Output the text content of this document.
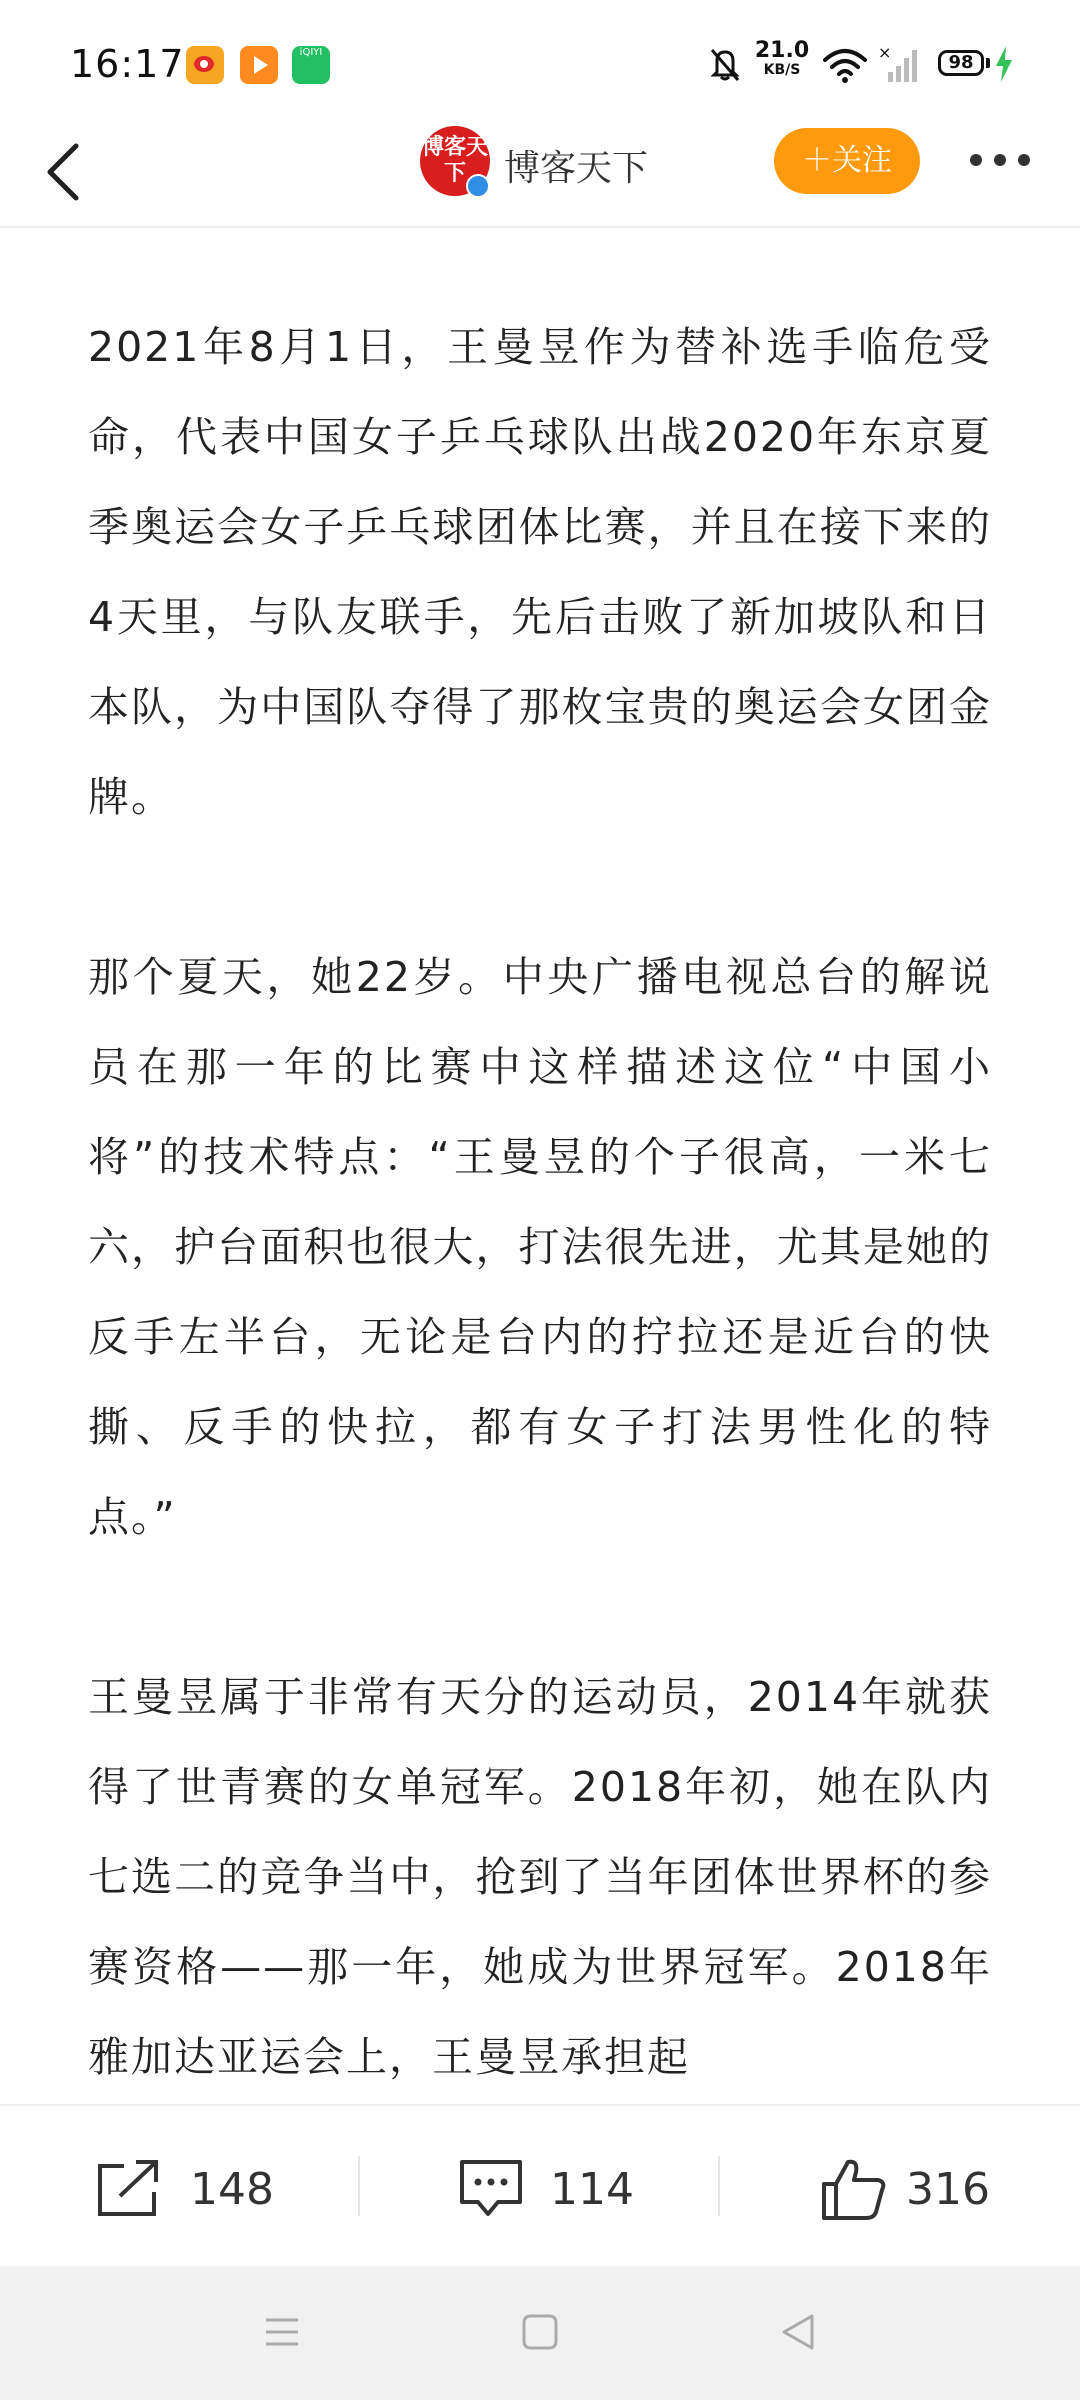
16:17	iQIYI	21.0
KB/S
×	98
博客天下	博客天下	＋关注

2021年8月1日，王曼昱作为替补选手临危受命，代表中国女子乒乓球队出战2020年东京夏季奥运会女子乒乓球团体比赛，并且在接下来的4天里，与队友联手，先后击败了新加坡队和日本队，为中国队夺得了那枚宝贵的奥运会女团金牌。

那个夏天，她22岁。中央广播电视总台的解说员在那一年的比赛中这样描述这位“中国小将”的技术特点：“王曼昱的个子很高，一米七六，护台面积也很大，打法很先进，尤其是她的反手左半台，无论是台内的拧拉还是近台的快撕、反手的快拉，都有女子打法男性化的特点。”

王曼昱属于非常有天分的运动员，2014年就获得了世青赛的女单冠军。2018年初，她在队内七选二的竞争当中，抢到了当年团体世界杯的参赛资格——那一年，她成为世界冠军。2018年雅加达亚运会上，王曼昱承担起

148	114	316
